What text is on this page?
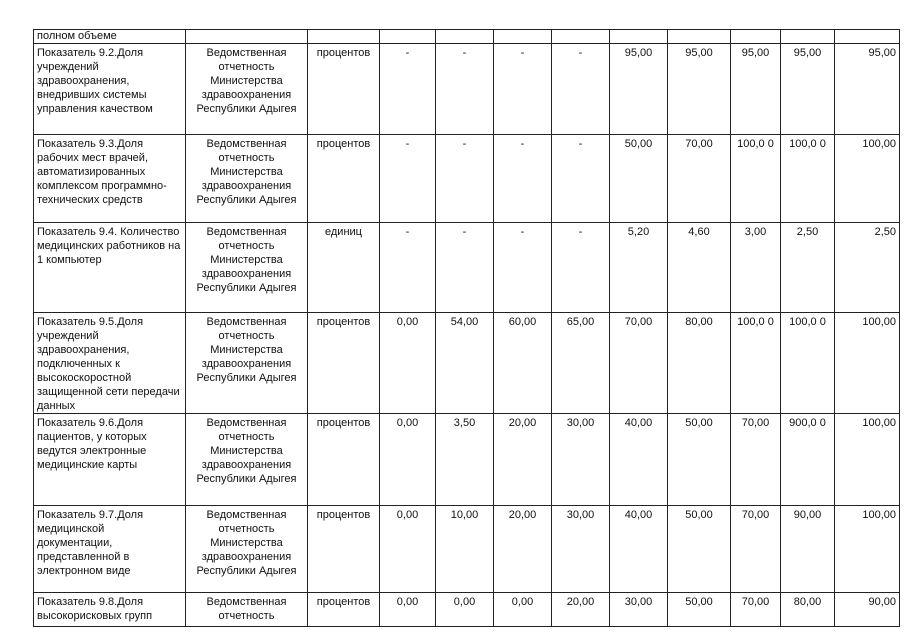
полном объеме											
Показатель 9.2.Доля учреждений здравоохранения, внедривших системы управления качеством	Ведомственная отчетность Министерства здравоохранения Республики Адыгея	процентов	-	-	-	-	95,00	95,00	95,00	95,00	95,00
Показатель 9.3.Доля рабочих мест врачей, автоматизированных комплексом программно-технических средств	Ведомственная отчетность Министерства здравоохранения Республики Адыгея	процентов	-	-	-	-	50,00	70,00	100,0 0	100,0 0	100,00
Показатель 9.4. Количество медицинских работников на 1 компьютер	Ведомственная отчетность Министерства здравоохранения Республики Адыгея	единиц	-	-	-	-	5,20	4,60	3,00	2,50	2,50
Показатель 9.5.Доля учреждений здравоохранения, подключенных к высокоскоростной защищенной сети передачи данных	Ведомственная отчетность Министерства здравоохранения Республики Адыгея	процентов	0,00	54,00	60,00	65,00	70,00	80,00	100,0 0	100,0 0	100,00
Показатель 9.6.Доля пациентов, у которых ведутся электронные медицинские карты	Ведомственная отчетность Министерства здравоохранения Республики Адыгея	процентов	0,00	3,50	20,00	30,00	40,00	50,00	70,00	900,0 0	100,00
Показатель 9.7.Доля медицинской документации, представленной в электронном виде	Ведомственная отчетность Министерства здравоохранения Республики Адыгея	процентов	0,00	10,00	20,00	30,00	40,00	50,00	70,00	90,00	100,00
Показатель 9.8.Доля высокорисковых групп	Ведомственная отчетность	процентов	0,00	0,00	0,00	20,00	30,00	50,00	70,00	80,00	90,00
